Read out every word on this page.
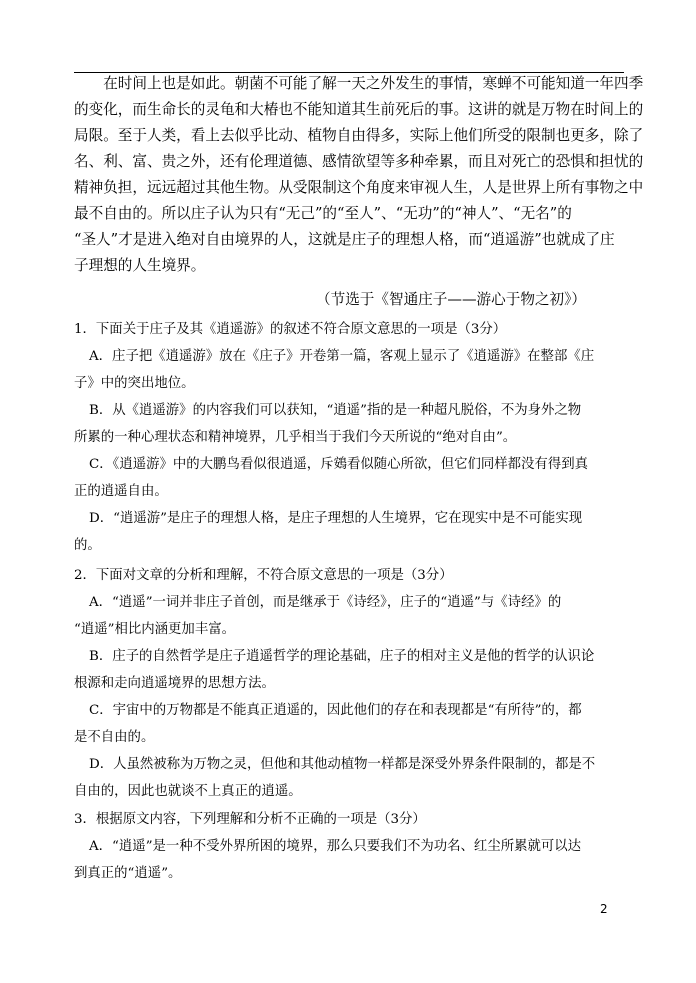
　　在时间上也是如此。朝菌不可能了解一天之外发生的事情，寒蝉不可能知道一年四季
的变化，而生命长的灵龟和大椿也不能知道其生前死后的事。这讲的就是万物在时间上的
局限。至于人类，看上去似乎比动、植物自由得多，实际上他们所受的限制也更多，除了
名、利、富、贵之外，还有伦理道德、感情欲望等多种牵累，而且对死亡的恐惧和担忧的
精神负担，远远超过其他生物。从受限制这个角度来审视人生，人是世界上所有事物之中
最不自由的。所以庄子认为只有“无己”的“至人”、“无功”的“神人”、“无名”的
“圣人”才是进入绝对自由境界的人，这就是庄子的理想人格，而“逍遥游”也就成了庄
子理想的人生境界。
（节选于《智通庄子——游心于物之初》）
1．下面关于庄子及其《逍遥游》的叙述不符合原文意思的一项是（3分）
A．庄子把《逍遥游》放在《庄子》开卷第一篇，客观上显示了《逍遥游》在整部《庄
子》中的突出地位。
B．从《逍遥游》的内容我们可以获知，“逍遥”指的是一种超凡脱俗，不为身外之物
所累的一种心理状态和精神境界，几乎相当于我们今天所说的“绝对自由”。
C．《逍遥游》中的大鹏鸟看似很逍遥，斥鴳看似随心所欲，但它们同样都没有得到真
正的逍遥自由。
D．“逍遥游”是庄子的理想人格，是庄子理想的人生境界，它在现实中是不可能实现
的。
2．下面对文章的分析和理解，不符合原文意思的一项是（3分）
A．“逍遥”一词并非庄子首创，而是继承于《诗经》，庄子的“逍遥”与《诗经》的
“逍遥”相比内涵更加丰富。
B．庄子的自然哲学是庄子逍遥哲学的理论基础，庄子的相对主义是他的哲学的认识论
根源和走向逍遥境界的思想方法。
C．宇宙中的万物都是不能真正逍遥的，因此他们的存在和表现都是“有所待”的，都
是不自由的。
D．人虽然被称为万物之灵，但他和其他动植物一样都是深受外界条件限制的，都是不
自由的，因此也就谈不上真正的逍遥。
3．根据原文内容，下列理解和分析不正确的一项是（3分）
A．“逍遥”是一种不受外界所困的境界，那么只要我们不为功名、红尘所累就可以达
到真正的“逍遥”。
2
